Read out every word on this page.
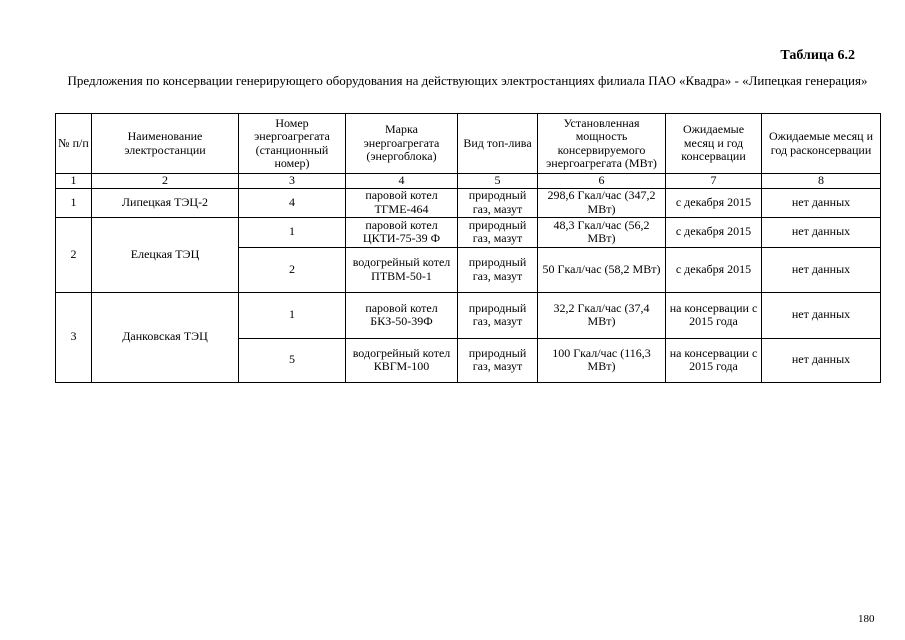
Таблица 6.2
Предложения по консервации генерирующего оборудования на действующих электростанциях филиала ПАО «Квадра» - «Липецкая генерация»
№ п/п	Наименование электростанции	Номер энергоагрегата (станционный номер)	Марка энергоагрегата (энергоблока)	Вид топ-лива	Установленная мощность консервируемого энергоагрегата (МВт)	Ожидаемые месяц и год консервации	Ожидаемые месяц и год расконсервации
1	2	3	4	5	6	7	8
1	Липецкая ТЭЦ-2	4	паровой котел ТГМЕ-464	природный газ, мазут	298,6 Гкал/час (347,2 МВт)	с декабря 2015	нет данных
2	Елецкая ТЭЦ	1	паровой котел ЦКТИ-75-39 Ф	природный газ, мазут	48,3 Гкал/час (56,2 МВт)	с декабря 2015	нет данных
		2	водогрейный котел ПТВМ-50-1	природный газ, мазут	50 Гкал/час (58,2 МВт)	с декабря 2015	нет данных
3	Данковская ТЭЦ	1	паровой котел БКЗ-50-39Ф	природный газ, мазут	32,2 Гкал/час (37,4 МВт)	на консервации с 2015 года	нет данных
		5	водогрейный котел КВГМ-100	природный газ, мазут	100 Гкал/час (116,3 МВт)	на консервации с 2015 года	нет данных
180
